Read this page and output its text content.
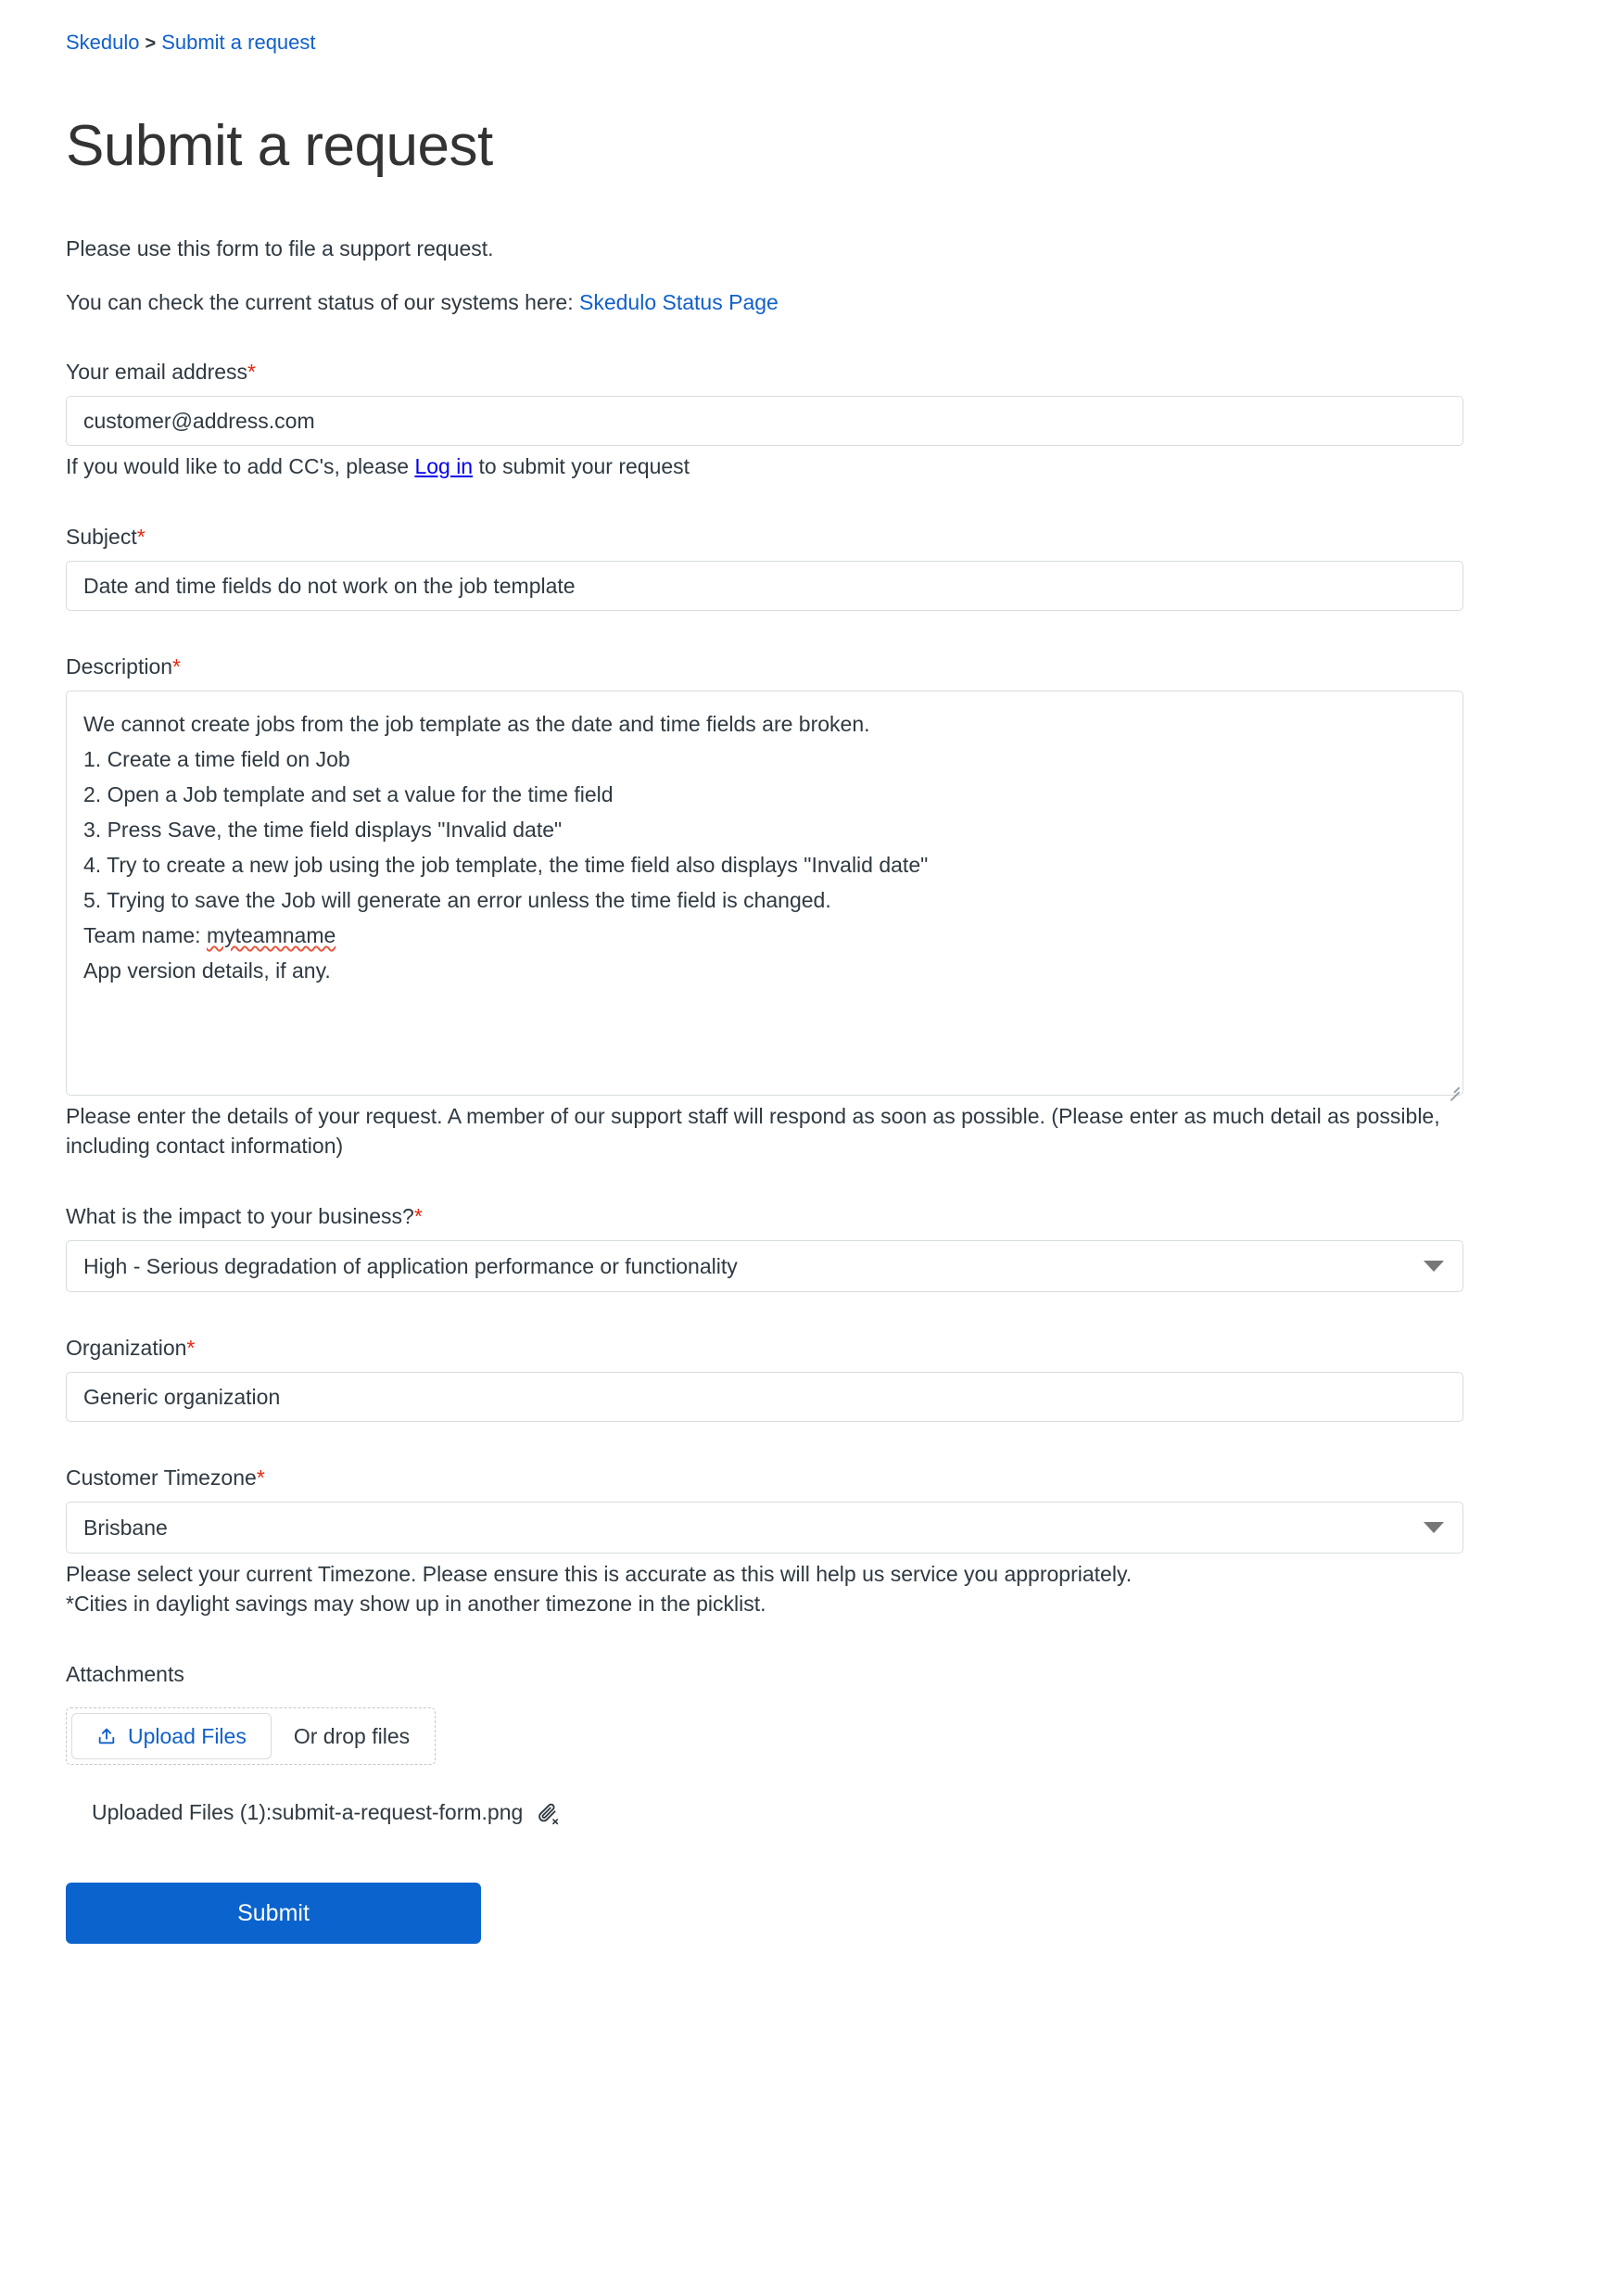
Skedulo > Submit a request
Submit a request

Please use this form to file a support request.

You can check the current status of our systems here: Skedulo Status Page

Your email address*
customer@address.com
If you would like to add CC's, please Log in to submit your request
Subject*
Date and time fields do not work on the job template
Description*
We cannot create jobs from the job template as the date and time fields are broken.
1. Create a time field on Job
2. Open a Job template and set a value for the time field
3. Press Save, the time field displays "Invalid date"
4. Try to create a new job using the job template, the time field also displays "Invalid date"
5. Trying to save the Job will generate an error unless the time field is changed.
Team name: myteamname
App version details, if any.
Please enter the details of your request. A member of our support staff will respond as soon as possible. (Please enter as much detail as possible, including contact information)
What is the impact to your business?*
High - Serious degradation of application performance or functionality
Organization*
Generic organization
Customer Timezone*
Brisbane
Please select your current Timezone. Please ensure this is accurate as this will help us service you appropriately.
*Cities in daylight savings may show up in another timezone in the picklist.
Attachments
Upload Files	Or drop files
Uploaded Files (1):submit-a-request-form.png
Submit
